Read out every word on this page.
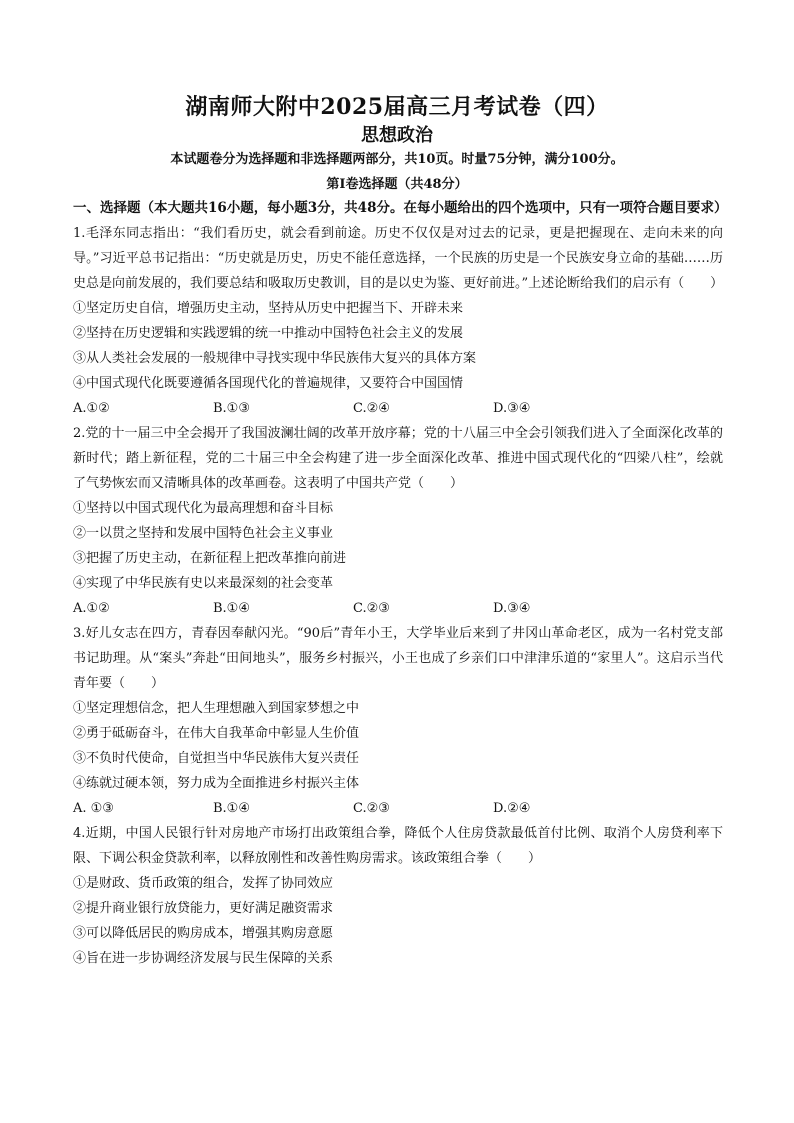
湖南师大附中2025届高三月考试卷（四）
思想政治
本试题卷分为选择题和非选择题两部分，共10页。时量75分钟，满分100分。
第Ⅰ卷选择题（共48分）
一、选择题（本大题共16小题，每小题3分，共48分。在每小题给出的四个选项中，只有一项符合题目要求）
1.毛泽东同志指出：“我们看历史，就会看到前途。历史不仅仅是对过去的记录，更是把握现在、走向未来的向导。”习近平总书记指出：“历史就是历史，历史不能任意选择，一个民族的历史是一个民族安身立命的基础……历史总是向前发展的，我们要总结和吸取历史教训，目的是以史为鉴、更好前进。”上述论断给我们的启示有（　　）
①坚定历史自信，增强历史主动，坚持从历史中把握当下、开辟未来
②坚持在历史逻辑和实践逻辑的统一中推动中国特色社会主义的发展
③从人类社会发展的一般规律中寻找实现中华民族伟大复兴的具体方案
④中国式现代化既要遵循各国现代化的普遍规律，又要符合中国国情
A.①②	B.①③	C.②④	D.③④
2.党的十一届三中全会揭开了我国波澜壮阔的改革开放序幕；党的十八届三中全会引领我们进入了全面深化改革的新时代；踏上新征程，党的二十届三中全会构建了进一步全面深化改革、推进中国式现代化的“四梁八柱”，绘就了气势恢宏而又清晰具体的改革画卷。这表明了中国共产党（　　）
①坚持以中国式现代化为最高理想和奋斗目标
②一以贯之坚持和发展中国特色社会主义事业
③把握了历史主动，在新征程上把改革推向前进
④实现了中华民族有史以来最深刻的社会变革
A.①②	B.①④	C.②③	D.③④
3.好儿女志在四方，青春因奉献闪光。“90后”青年小王，大学毕业后来到了井冈山革命老区，成为一名村党支部书记助理。从“案头”奔赴“田间地头”，服务乡村振兴，小王也成了乡亲们口中津津乐道的“家里人”。这启示当代青年要（　　）
①坚定理想信念，把人生理想融入到国家梦想之中
②勇于砥砺奋斗，在伟大自我革命中彰显人生价值
③不负时代使命，自觉担当中华民族伟大复兴责任
④练就过硬本领，努力成为全面推进乡村振兴主体
A. ①③	B.①④	C.②③	D.②④
4.近期，中国人民银行针对房地产市场打出政策组合拳，降低个人住房贷款最低首付比例、取消个人房贷利率下限、下调公积金贷款利率，以释放刚性和改善性购房需求。该政策组合拳（　　）
①是财政、货币政策的组合，发挥了协同效应
②提升商业银行放贷能力，更好满足融资需求
③可以降低居民的购房成本，增强其购房意愿
④旨在进一步协调经济发展与民生保障的关系
